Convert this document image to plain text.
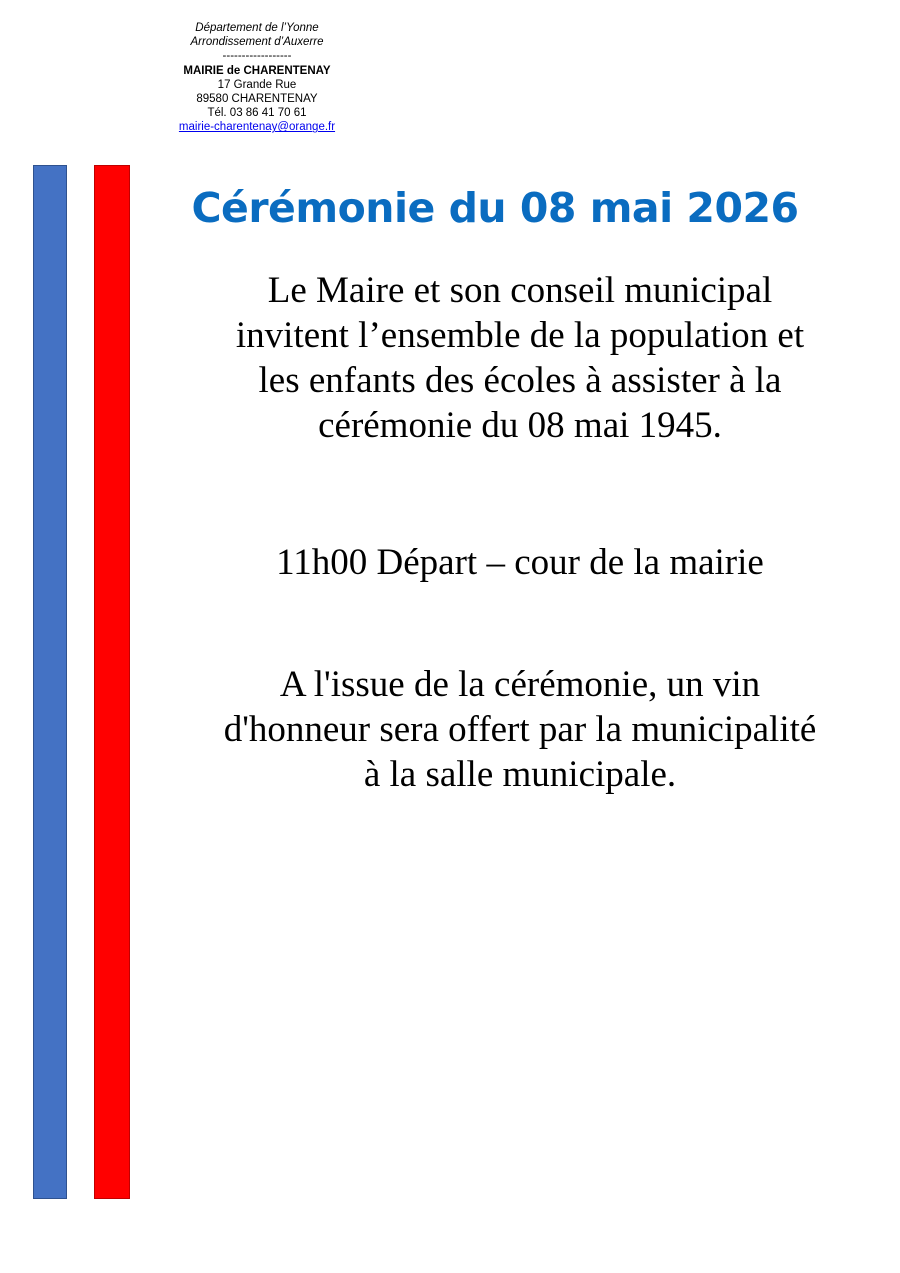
Département de l’Yonne
Arrondissement d’Auxerre
------------------
MAIRIE de CHARENTENAY
17 Grande Rue
89580 CHARENTENAY
Tél. 03 86 41 70 61
mairie-charentenay@orange.fr
Cérémonie du 08 mai 2026
Le Maire et son conseil municipal
invitent l’ensemble de la population et
les enfants des écoles à assister à la
cérémonie du 08 mai 1945.
11h00 Départ – cour de la mairie
A l'issue de la cérémonie, un vin
d'honneur sera offert par la municipalité
à la salle municipale.
